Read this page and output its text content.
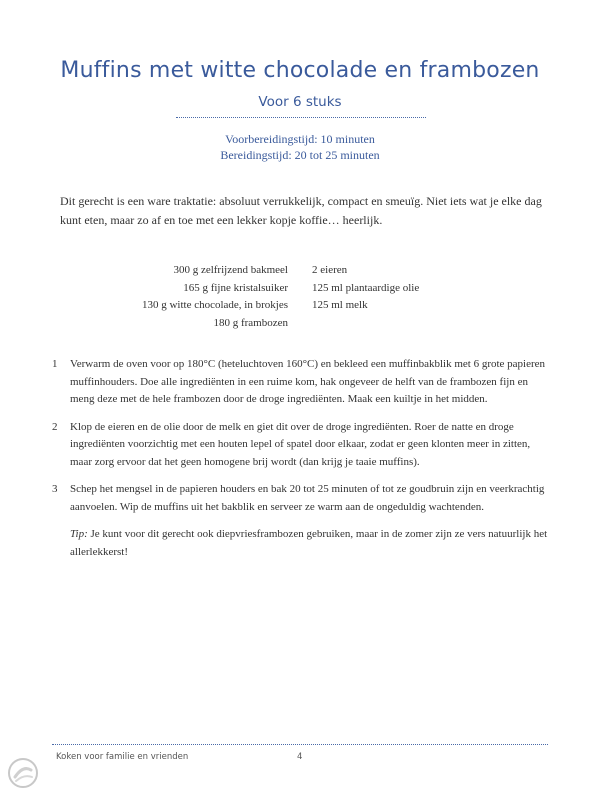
Muffins met witte chocolade en frambozen
Voor 6 stuks
Voorbereidingstijd: 10 minuten
Bereidingstijd: 20 tot 25 minuten
Dit gerecht is een ware traktatie: absoluut verrukkelijk, compact en smeuïg. Niet iets wat je elke dag kunt eten, maar zo af en toe met een lekker kopje koffie… heerlijk.
300 g zelfrijzend bakmeel
165 g fijne kristalsuiker
130 g witte chocolade, in brokjes
180 g frambozen
2 eieren
125 ml plantaardige olie
125 ml melk
1 Verwarm de oven voor op 180°C (heteluchtoven 160°C) en bekleed een muffinbakblik met 6 grote papieren muffinhouders. Doe alle ingrediënten in een ruime kom, hak ongeveer de helft van de frambozen fijn en meng deze met de hele frambozen door de droge ingrediënten. Maak een kuiltje in het midden.
2 Klop de eieren en de olie door de melk en giet dit over de droge ingrediënten. Roer de natte en droge ingrediënten voorzichtig met een houten lepel of spatel door elkaar, zodat er geen klonten meer in zitten, maar zorg ervoor dat het geen homogene brij wordt (dan krijg je taaie muffins).
3 Schep het mengsel in de papieren houders en bak 20 tot 25 minuten of tot ze goudbruin zijn en veerkrachtig aanvoelen. Wip de muffins uit het bakblik en serveer ze warm aan de ongeduldig wachtenden.
Tip: Je kunt voor dit gerecht ook diepvriesframbozen gebruiken, maar in de zomer zijn ze vers natuurlijk het allerlekkerst!
Koken voor familie en vrienden	4
